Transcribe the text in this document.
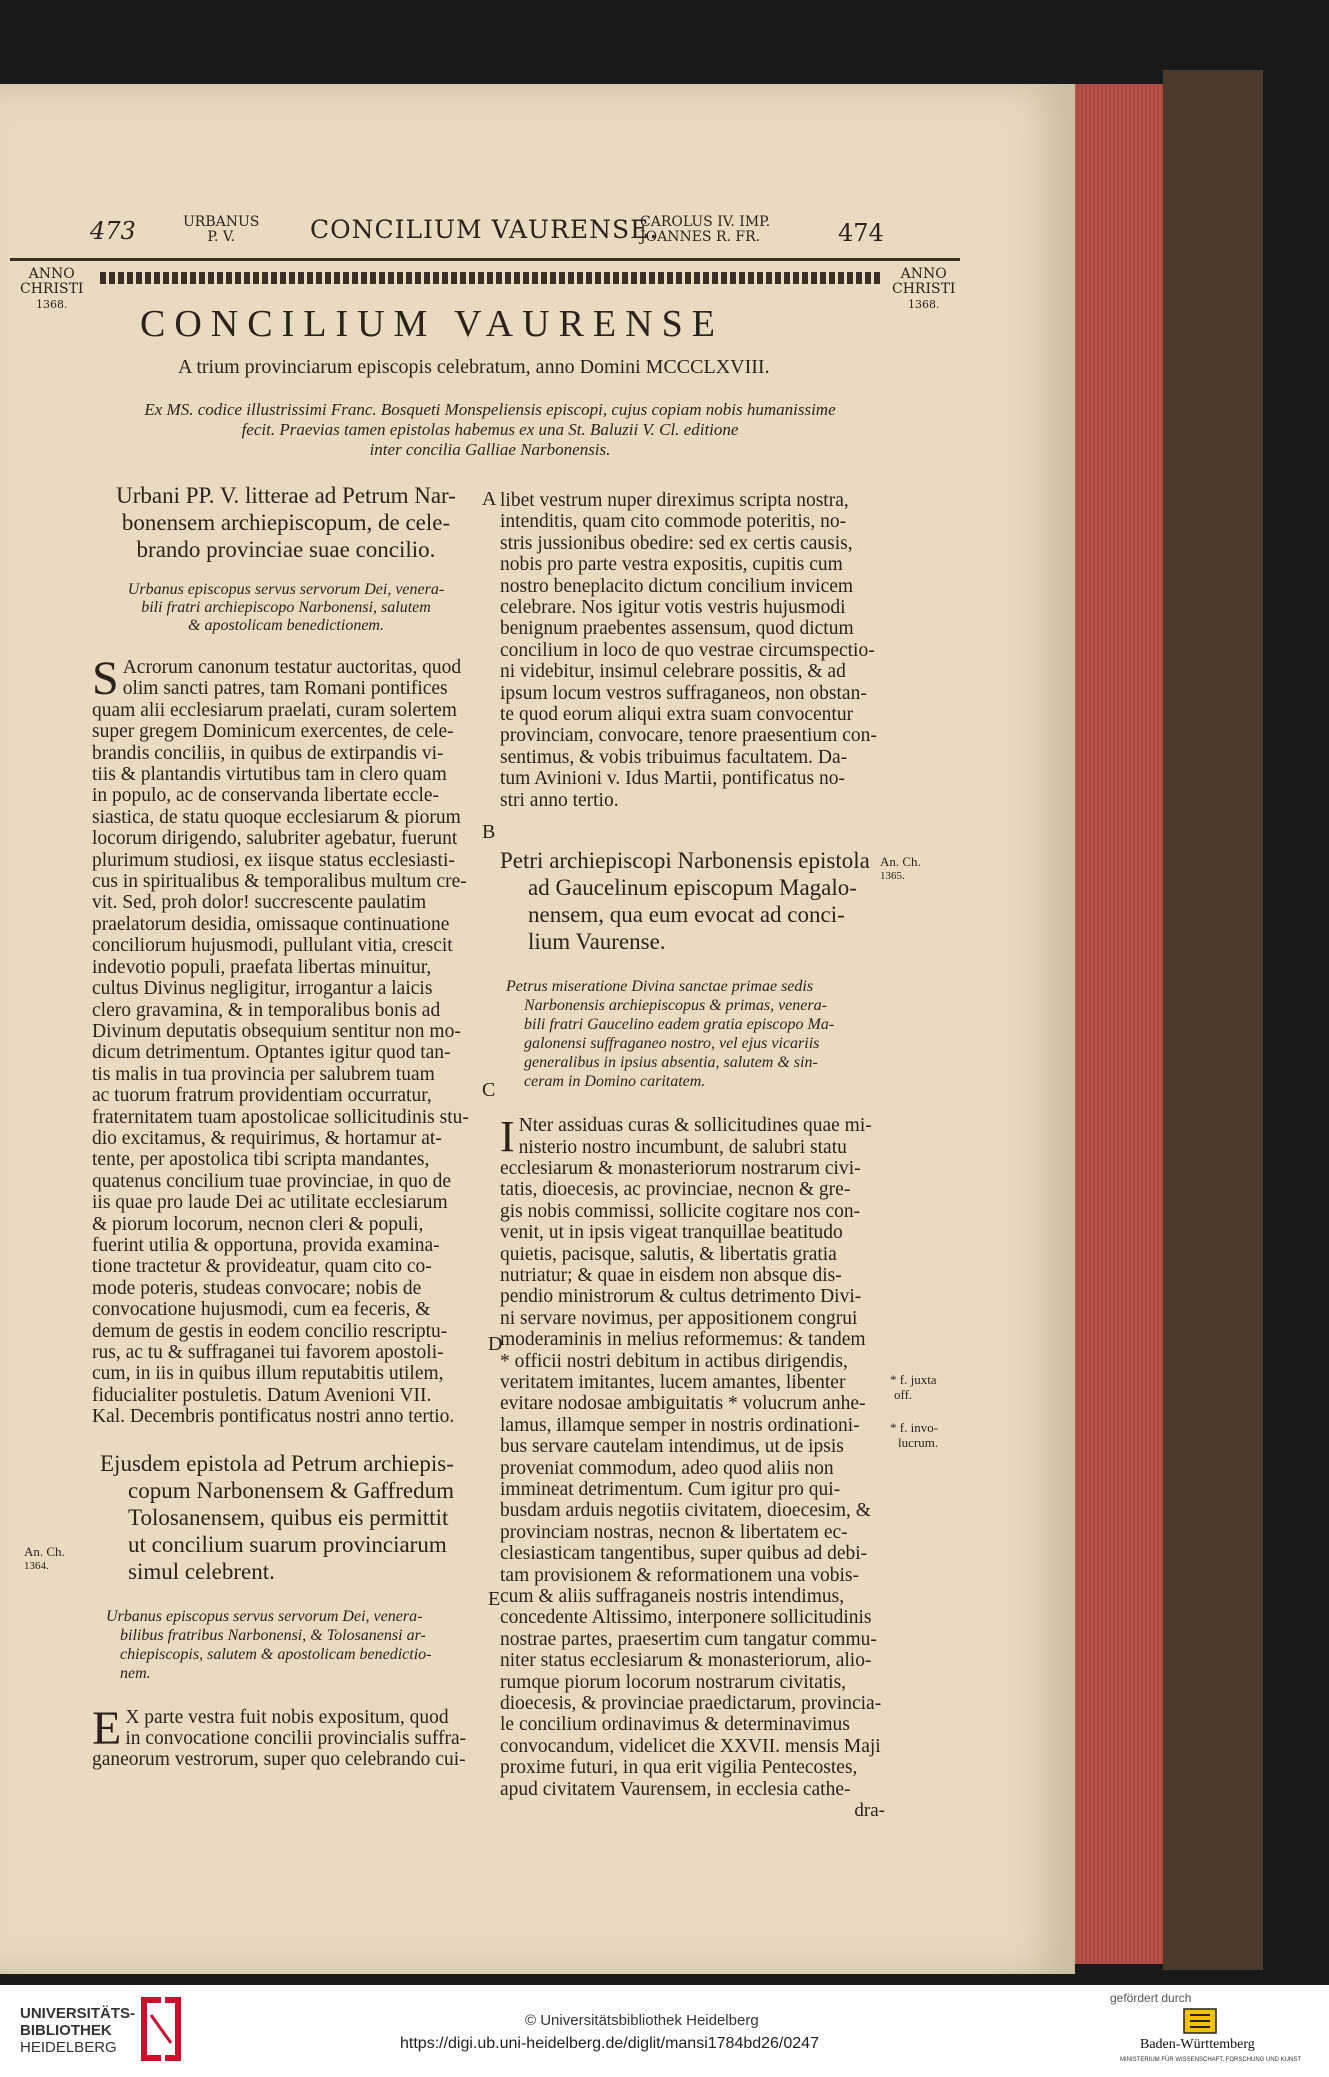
473	URBANUS
P. V.	CONCILIUM VAURENSE.
CAROLUS IV. IMP.
JOANNES R. FR.	474
ANNO
CHRISTI
1368.
ANNO
CHRISTI
1368.
CONCILIUM VAURENSE
A trium provinciarum episcopis celebratum, anno Domini MCCCLXVIII.
Ex MS. codice illustrissimi Franc. Bosqueti Monspeliensis episcopi, cujus copiam nobis humanissime
fecit. Praevias tamen epistolas habemus ex una St. Baluzii V. Cl. editione
inter concilia Galliae Narbonensis.
Urbani PP. V. litterae ad Petrum Nar-
bonensem archiepiscopum, de cele-
brando provinciae suae concilio.
Urbanus episcopus servus servorum Dei, venera-
bili fratri archiepiscopo Narbonensi, salutem
& apostolicam benedictionem.
S Acrorum canonum testatur auctoritas, quod
olim sancti patres, tam Romani pontifices
quam alii ecclesiarum praelati, curam solertem
super gregem Dominicum exercentes, de cele-
brandis conciliis, in quibus de extirpandis vi-
tiis & plantandis virtutibus tam in clero quam
in populo, ac de conservanda libertate eccle-
siastica, de statu quoque ecclesiarum & piorum
locorum dirigendo, salubriter agebatur, fuerunt
plurimum studiosi, ex iisque status ecclesiasti-
cus in spiritualibus & temporalibus multum cre-
vit. Sed, proh dolor! succrescente paulatim
praelatorum desidia, omissaque continuatione
conciliorum hujusmodi, pullulant vitia, crescit
indevotio populi, praefata libertas minuitur,
cultus Divinus negligitur, irrogantur a laicis
clero gravamina, & in temporalibus bonis ad
Divinum deputatis obsequium sentitur non mo-
dicum detrimentum. Optantes igitur quod tan-
tis malis in tua provincia per salubrem tuam
ac tuorum fratrum providentiam occurratur,
fraternitatem tuam apostolicae sollicitudinis stu-
dio excitamus, & requirimus, & hortamur at-
tente, per apostolica tibi scripta mandantes,
quatenus concilium tuae provinciae, in quo de
iis quae pro laude Dei ac utilitate ecclesiarum
& piorum locorum, necnon cleri & populi,
fuerint utilia & opportuna, provida examina-
tione tractetur & provideatur, quam cito co-
mode poteris, studeas convocare; nobis de
convocatione hujusmodi, cum ea feceris, &
demum de gestis in eodem concilio rescriptu-
rus, ac tu & suffraganei tui favorem apostoli-
cum, in iis in quibus illum reputabitis utilem,
fiducialiter postuletis. Datum Avenioni VII.
Kal. Decembris pontificatus nostri anno tertio.
Ejusdem epistola ad Petrum archiepis-
copum Narbonensem & Gaffredum
Tolosanensem, quibus eis permittit
ut concilium suarum provinciarum
simul celebrent.
Urbanus episcopus servus servorum Dei, venera-
bilibus fratribus Narbonensi, & Tolosanensi ar-
chiepiscopis, salutem & apostolicam benedictio-
nem.
E X parte vestra fuit nobis expositum, quod
in convocatione concilii provincialis suffra-
ganeorum vestrorum, super quo celebrando cui-
A
B
C
D
E
libet vestrum nuper direximus scripta nostra,
intenditis, quam cito commode poteritis, no-
stris jussionibus obedire: sed ex certis causis,
nobis pro parte vestra expositis, cupitis cum
nostro beneplacito dictum concilium invicem
celebrare. Nos igitur votis vestris hujusmodi
benignum praebentes assensum, quod dictum
concilium in loco de quo vestrae circumspectio-
ni videbitur, insimul celebrare possitis, & ad
ipsum locum vestros suffraganeos, non obstan-
te quod eorum aliqui extra suam convocentur
provinciam, convocare, tenore praesentium con-
sentimus, & vobis tribuimus facultatem. Da-
tum Avinioni v. Idus Martii, pontificatus no-
stri anno tertio.
Petri archiepiscopi Narbonensis epistola
ad Gaucelinum episcopum Magalo-
nensem, qua eum evocat ad conci-
lium Vaurense.
Petrus miseratione Divina sanctae primae sedis
Narbonensis archiepiscopus & primas, venera-
bili fratri Gaucelino eadem gratia episcopo Ma-
galonensi suffraganeo nostro, vel ejus vicariis
generalibus in ipsius absentia, salutem & sin-
ceram in Domino caritatem.
I Nter assiduas curas & sollicitudines quae mi-
nisterio nostro incumbunt, de salubri statu
ecclesiarum & monasteriorum nostrarum civi-
tatis, dioecesis, ac provinciae, necnon & gre-
gis nobis commissi, sollicite cogitare nos con-
venit, ut in ipsis vigeat tranquillae beatitudo
quietis, pacisque, salutis, & libertatis gratia
nutriatur; & quae in eisdem non absque dis-
pendio ministrorum & cultus detrimento Divi-
ni servare novimus, per appositionem congrui
moderaminis in melius reformemus: & tandem
* officii nostri debitum in actibus dirigendis,
veritatem imitantes, lucem amantes, libenter
evitare nodosae ambiguitatis * volucrum anhe-
lamus, illamque semper in nostris ordinationi-
bus servare cautelam intendimus, ut de ipsis
proveniat commodum, adeo quod aliis non
immineat detrimentum. Cum igitur pro qui-
busdam arduis negotiis civitatem, dioecesim, &
provinciam nostras, necnon & libertatem ec-
clesiasticam tangentibus, super quibus ad debi-
tam provisionem & reformationem una vobis-
cum & aliis suffraganeis nostris intendimus,
concedente Altissimo, interponere sollicitudinis
nostrae partes, praesertim cum tangatur commu-
niter status ecclesiarum & monasteriorum, alio-
rumque piorum locorum nostrarum civitatis,
dioecesis, & provinciae praedictarum, provincia-
le concilium ordinavimus & determinavimus
convocandum, videlicet die XXVII. mensis Maji
proxime futuri, in qua erit vigilia Pentecostes,
apud civitatem Vaurensem, in ecclesia cathe-
dra-
An. Ch.
1365.
An. Ch.
1364.
* f. juxta
off.
* f. invo-
lucrum.
UNIVERSITÄTS-
BIBLIOTHEK
HEIDELBERG
© Universitätsbibliothek Heidelberg
https://digi.ub.uni-heidelberg.de/diglit/mansi1784bd26/0247
gefördert durch
Baden-Württemberg
MINISTERIUM FÜR WISSENSCHAFT, FORSCHUNG UND KUNST
